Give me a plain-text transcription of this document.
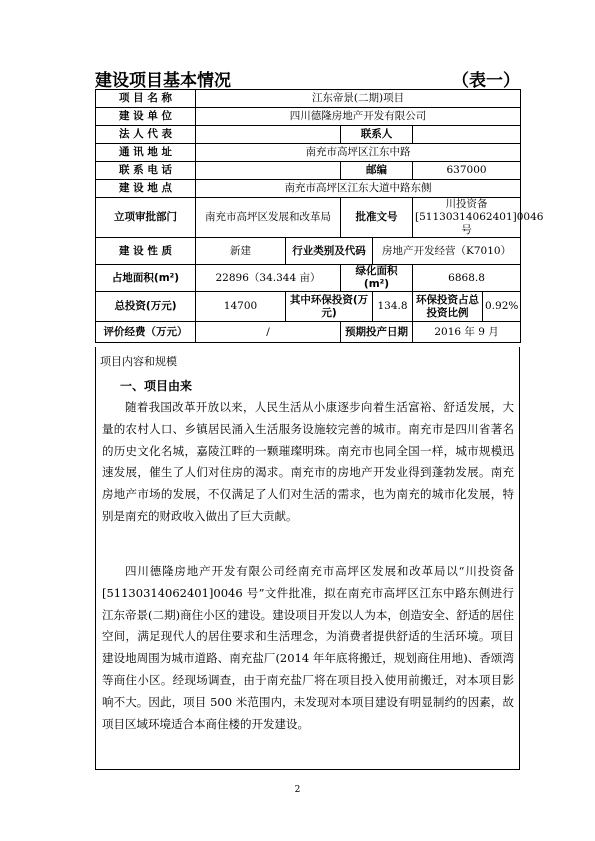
建设项目基本情况	（表一）
项 目 名 称	江东帝景(二期)项目					
建 设 单 位	四川德隆房地产开发有限公司					
法 人 代 表			联系人			
通 讯 地 址	南充市高坪区江东中路					
联 系 电 话			邮编		637000	
建 设 地 点	南充市高坪区江东大道中路东侧					
立项审批部门	南充市高坪区发展和改革局		批准文号		川投资备[51130314062401]0046 号	
建 设 性 质	新建	行业类别及代码		房地产开发经营（K7010）		
占地面积(m²)	22896（34.344 亩）		绿化面积(m²)		6868.8	
总投资(万元)	14700	其中环保投资(万元)		134.8	环保投资占总投资比例	0.92%
评价经费（万元）	/		预期投产日期		2016 年 9 月	
项目内容和规模
一、项目由来
随着我国改革开放以来，人民生活从小康逐步向着生活富裕、舒适发展，大量的农村人口、乡镇居民涌入生活服务设施较完善的城市。南充市是四川省著名的历史文化名城，嘉陵江畔的一颗璀璨明珠。南充市也同全国一样，城市规模迅速发展，催生了人们对住房的渴求。南充市的房地产开发业得到蓬勃发展。南充房地产市场的发展，不仅满足了人们对生活的需求，也为南充的城市化发展，特别是南充的财政收入做出了巨大贡献。
四川德隆房地产开发有限公司经南充市高坪区发展和改革局以“川投资备[51130314062401]0046 号”文件批准，拟在南充市高坪区江东中路东侧进行江东帝景(二期)商住小区的建设。建设项目开发以人为本，创造安全、舒适的居住空间，满足现代人的居住要求和生活理念，为消费者提供舒适的生活环境。项目建设地周围为城市道路、南充盐厂(2014 年年底将搬迁，规划商住用地)、香颂湾等商住小区。经现场调查，由于南充盐厂将在项目投入使用前搬迁，对本项目影响不大。因此，项目 500 米范围内，未发现对本项目建设有明显制约的因素，故项目区域环境适合本商住楼的开发建设。
2
